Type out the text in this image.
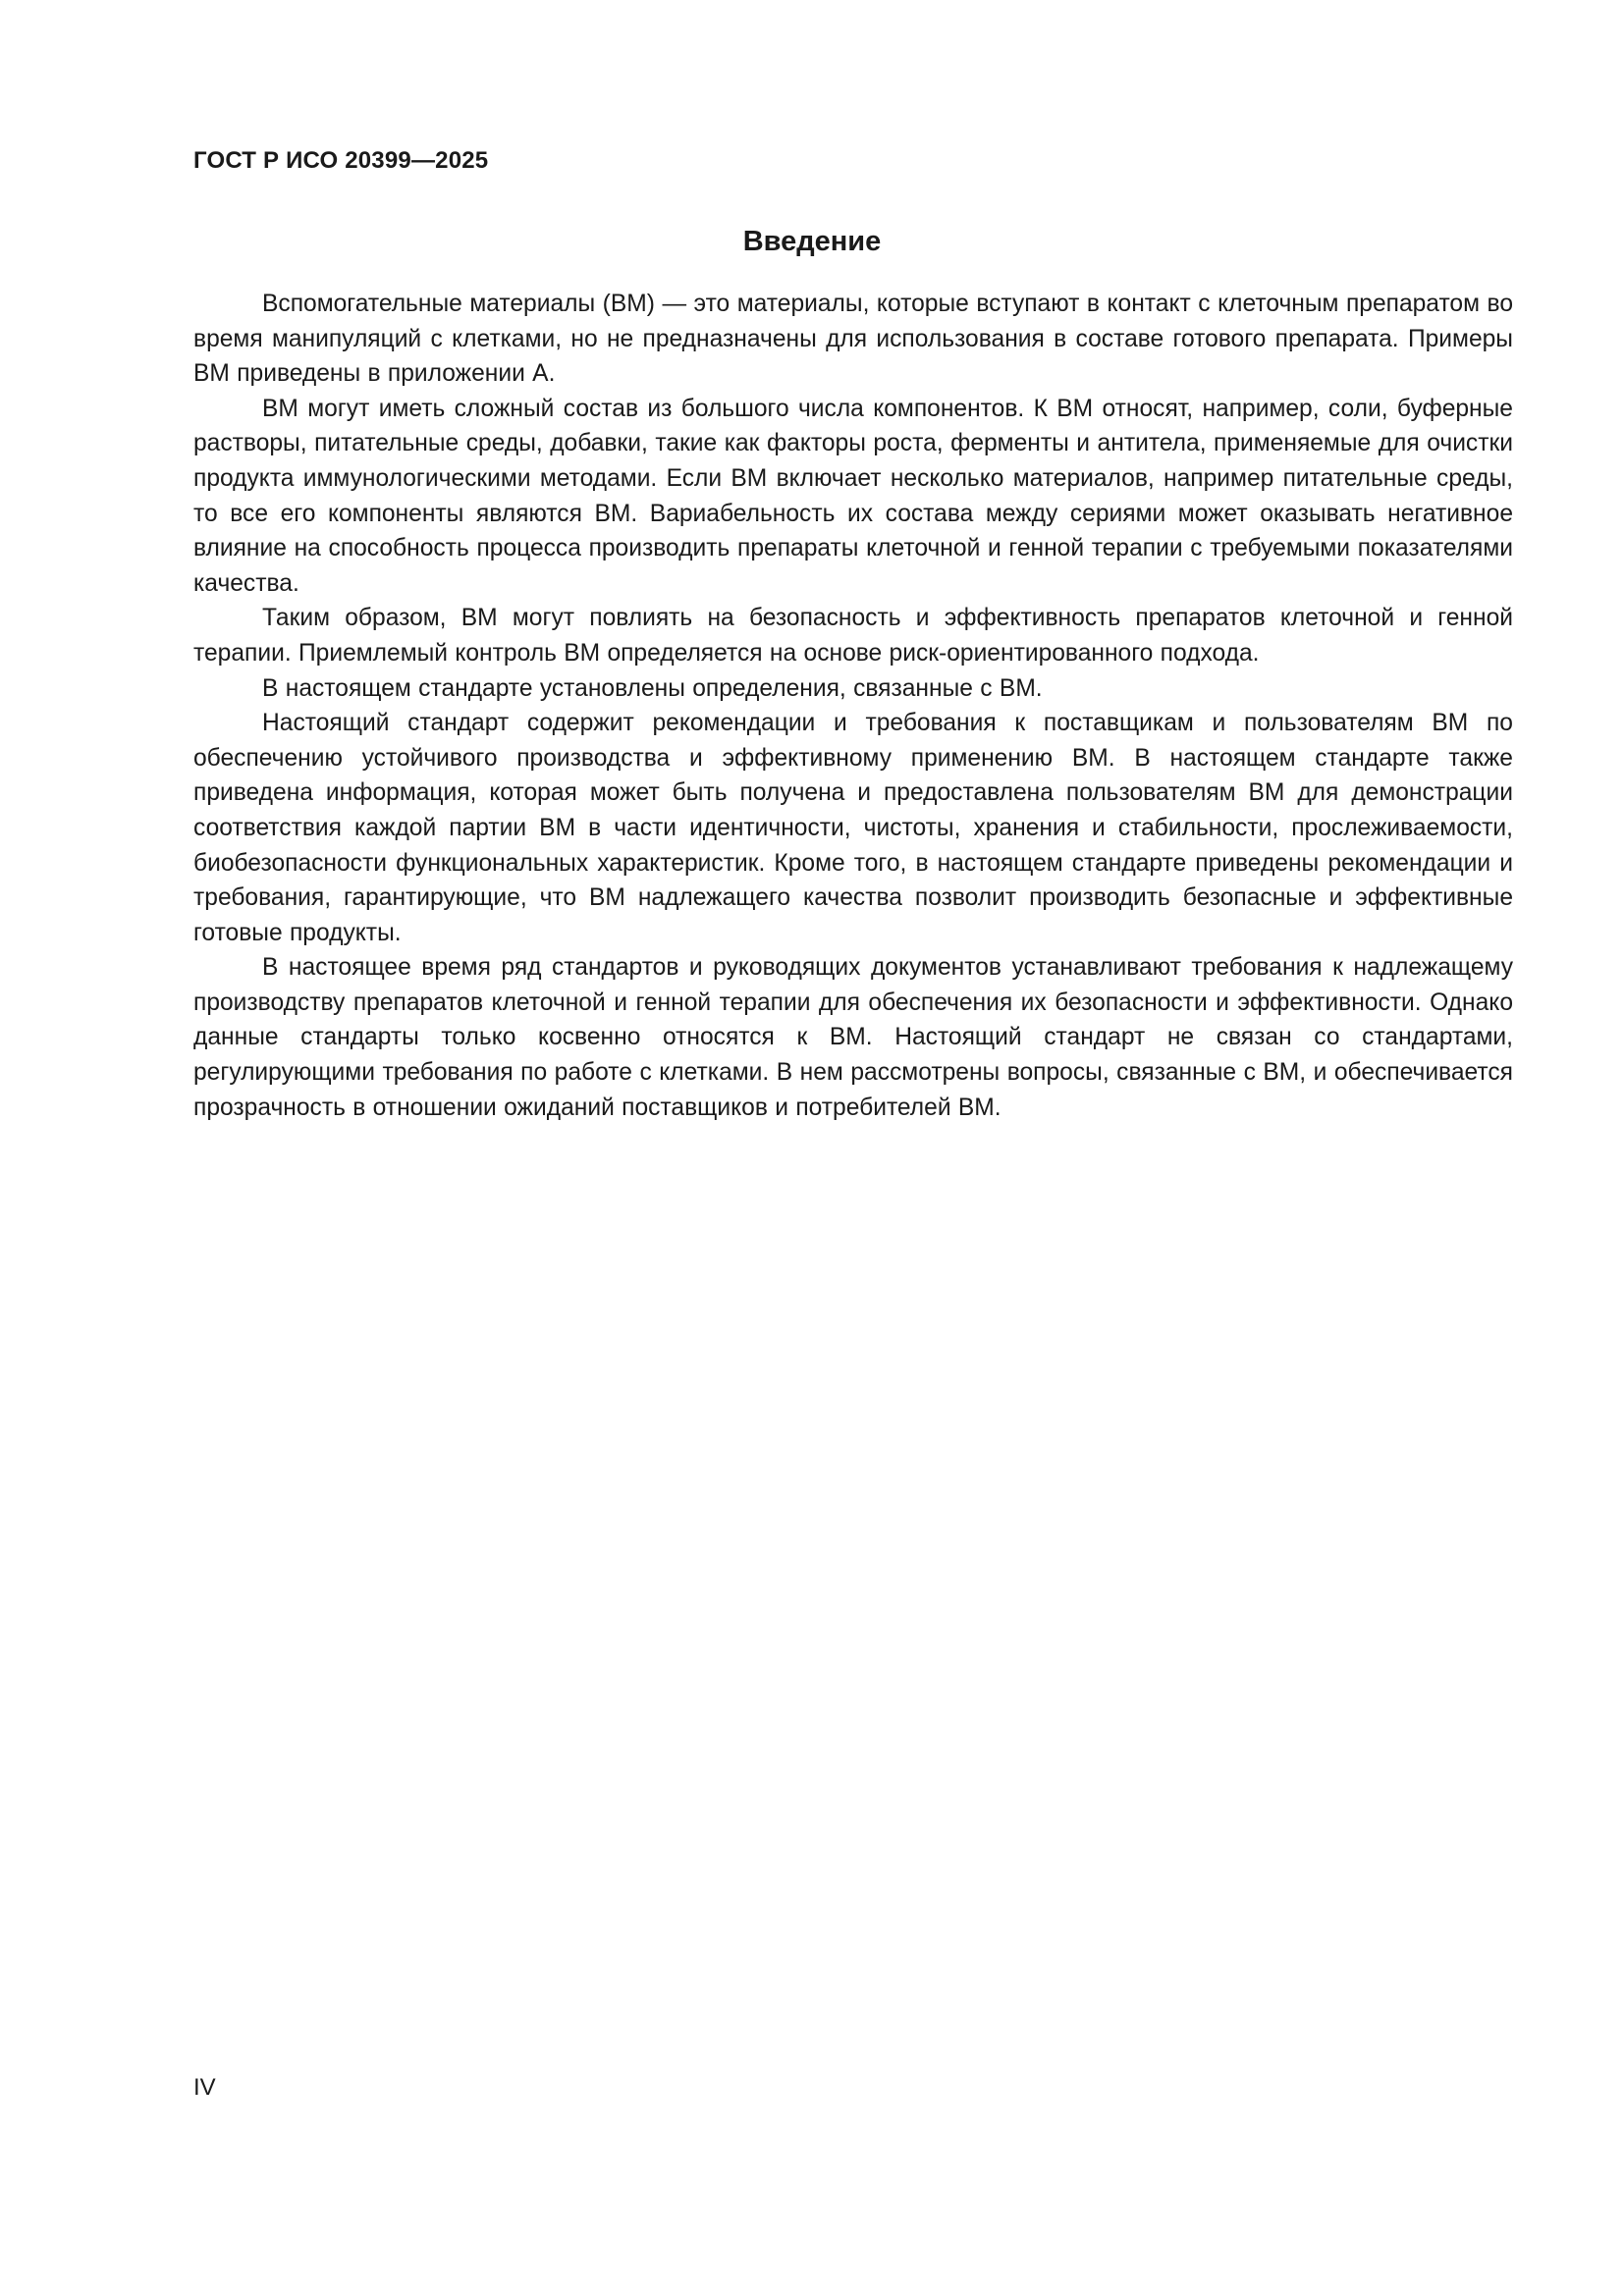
ГОСТ Р ИСО 20399—2025
Введение

Вспомогательные материалы (ВМ) — это материалы, которые вступают в контакт с клеточным препаратом во время манипуляций с клетками, но не предназначены для использования в составе готового препарата. Примеры ВМ приведены в приложении А.

ВМ могут иметь сложный состав из большого числа компонентов. К ВМ относят, например, соли, буферные растворы, питательные среды, добавки, такие как факторы роста, ферменты и антитела, применяемые для очистки продукта иммунологическими методами. Если ВМ включает несколько материалов, например питательные среды, то все его компоненты являются ВМ. Вариабельность их состава между сериями может оказывать негативное влияние на способность процесса производить препараты клеточной и генной терапии с требуемыми показателями качества.

Таким образом, ВМ могут повлиять на безопасность и эффективность препаратов клеточной и генной терапии. Приемлемый контроль ВМ определяется на основе риск-ориентированного подхода.

В настоящем стандарте установлены определения, связанные с ВМ.

Настоящий стандарт содержит рекомендации и требования к поставщикам и пользователям ВМ по обеспечению устойчивого производства и эффективному применению ВМ. В настоящем стандарте также приведена информация, которая может быть получена и предоставлена пользователям ВМ для демонстрации соответствия каждой партии ВМ в части идентичности, чистоты, хранения и стабильности, прослеживаемости, биобезопасности функциональных характеристик. Кроме того, в настоящем стандарте приведены рекомендации и требования, гарантирующие, что ВМ надлежащего качества позволит производить безопасные и эффективные готовые продукты.

В настоящее время ряд стандартов и руководящих документов устанавливают требования к надлежащему производству препаратов клеточной и генной терапии для обеспечения их безопасности и эффективности. Однако данные стандарты только косвенно относятся к ВМ. Настоящий стандарт не связан со стандартами, регулирующими требования по работе с клетками. В нем рассмотрены вопросы, связанные с ВМ, и обеспечивается прозрачность в отношении ожиданий поставщиков и потребителей ВМ.

IV
